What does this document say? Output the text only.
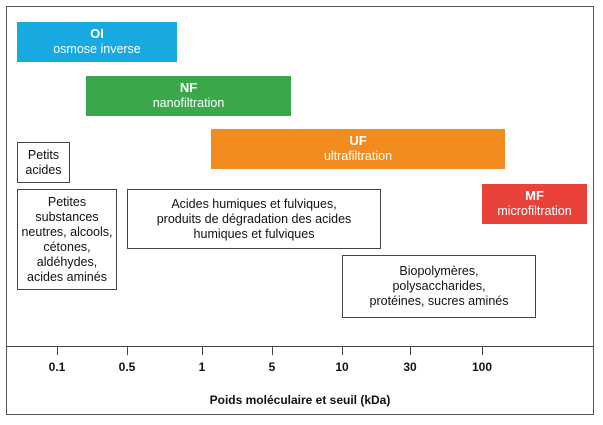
OI
osmose inverse
NF
nanofiltration
UF
ultrafiltration
MF
microfiltration
Petits
acides
Petites
substances
neutres, alcools,
cétones,
aldéhydes,
acides aminés
Acides humiques et fulviques,
produits de dégradation des acides
humiques et fulviques
Biopolymères,
polysaccharides,
protéines, sucres aminés
0.1	0.5	1	5	10	30	100
Poids moléculaire et seuil (kDa)
